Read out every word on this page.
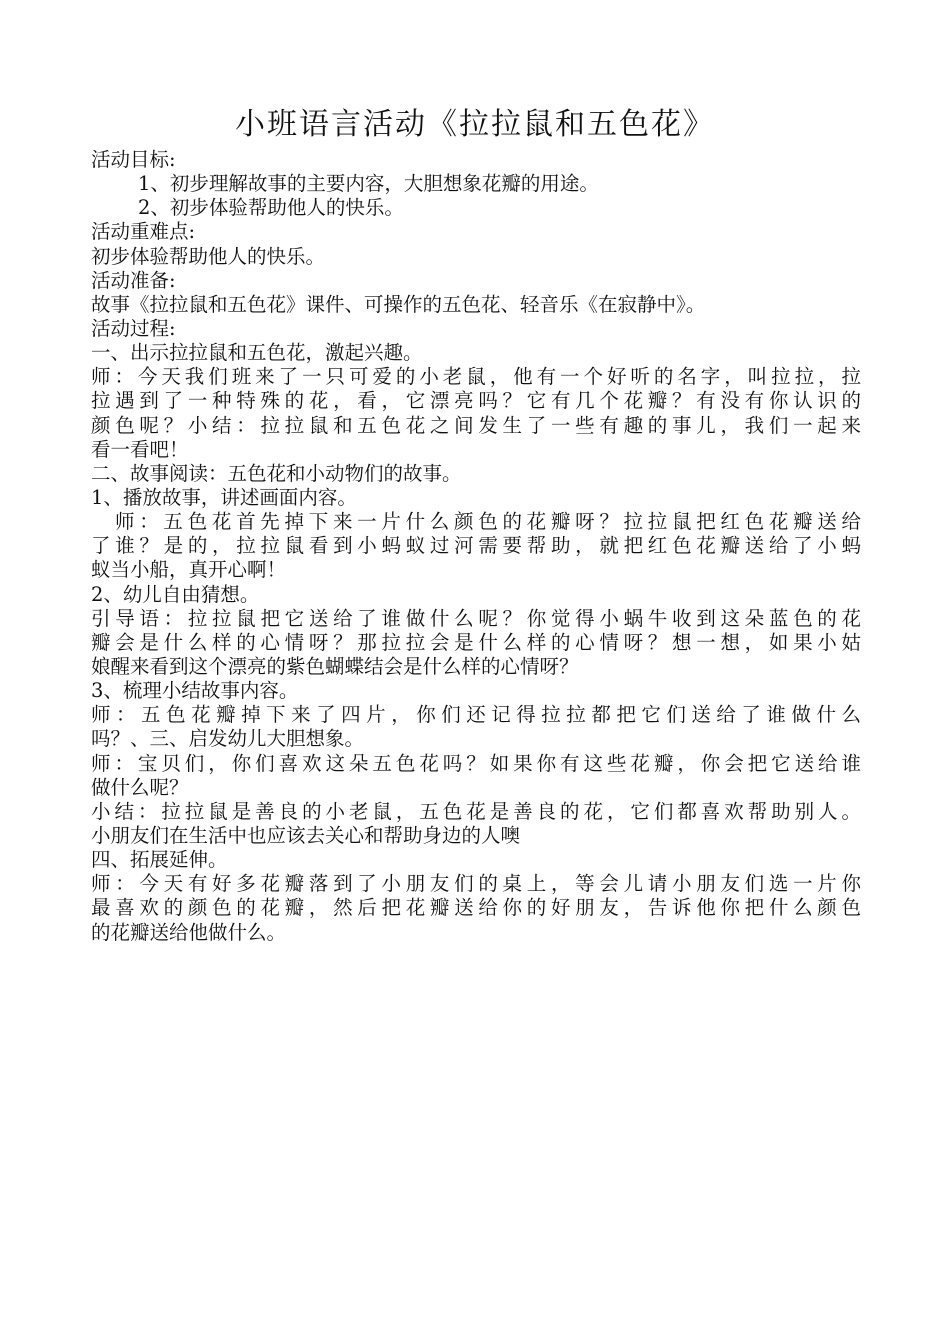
小班语言活动《拉拉鼠和五色花》
活动目标:
1、初步理解故事的主要内容，大胆想象花瓣的用途。
2、初步体验帮助他人的快乐。
活动重难点:
初步体验帮助他人的快乐。
活动准备:
故事《拉拉鼠和五色花》课件、可操作的五色花、轻音乐《在寂静中》。
活动过程:
一、出示拉拉鼠和五色花，激起兴趣。
师：今天我们班来了一只可爱的小老鼠，他有一个好听的名字，叫拉拉，拉
拉遇到了一种特殊的花，看，它漂亮吗？它有几个花瓣？有没有你认识的
颜色呢？小结：拉拉鼠和五色花之间发生了一些有趣的事儿，我们一起来
看一看吧！
二、故事阅读：五色花和小动物们的故事。
1、播放故事，讲述画面内容。
师：五色花首先掉下来一片什么颜色的花瓣呀？拉拉鼠把红色花瓣送给
了谁？是的，拉拉鼠看到小蚂蚁过河需要帮助，就把红色花瓣送给了小蚂
蚁当小船，真开心啊！
2、幼儿自由猜想。
引导语：拉拉鼠把它送给了谁做什么呢？你觉得小蜗牛收到这朵蓝色的花
瓣会是什么样的心情呀？那拉拉会是什么样的心情呀？想一想，如果小姑
娘醒来看到这个漂亮的紫色蝴蝶结会是什么样的心情呀？
3、梳理小结故事内容。
师：五色花瓣掉下来了四片，你们还记得拉拉都把它们送给了谁做什么
吗？、三、启发幼儿大胆想象。
师：宝贝们，你们喜欢这朵五色花吗？如果你有这些花瓣，你会把它送给谁
做什么呢？
小结：拉拉鼠是善良的小老鼠，五色花是善良的花，它们都喜欢帮助别人。
小朋友们在生活中也应该去关心和帮助身边的人噢
四、拓展延伸。
师：今天有好多花瓣落到了小朋友们的桌上，等会儿请小朋友们选一片你
最喜欢的颜色的花瓣，然后把花瓣送给你的好朋友，告诉他你把什么颜色
的花瓣送给他做什么。
